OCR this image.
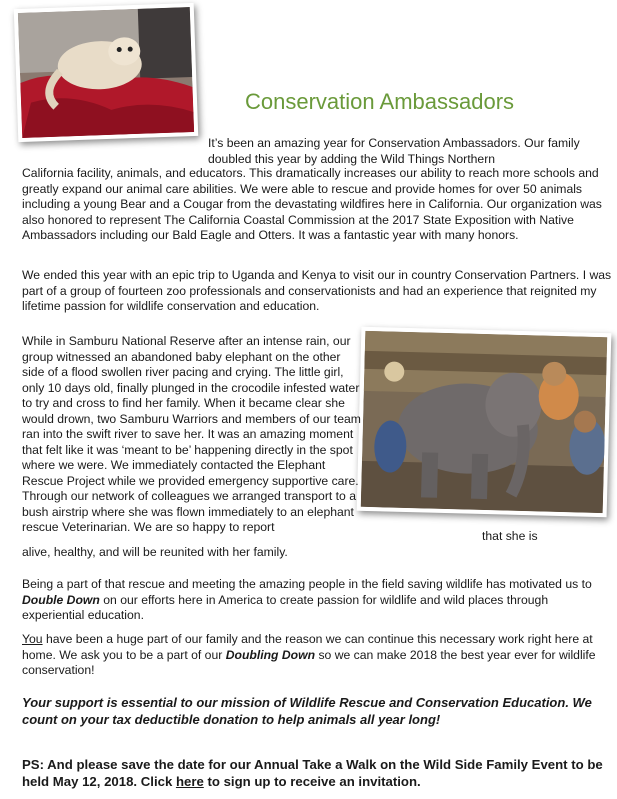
Conservation Ambassadors

It’s been an amazing year for Conservation Ambassadors. Our family doubled this year by adding the Wild Things Northern

California facility, animals, and educators. This dramatically increases our ability to reach more schools and greatly expand our animal care abilities. We were able to rescue and provide homes for over 50 animals including a young Bear and a Cougar from the devastating wildfires here in California. Our organization was also honored to represent The California Coastal Commission at the 2017 State Exposition with Native Ambassadors including our Bald Eagle and Otters. It was a fantastic year with many honors.

We ended this year with an epic trip to Uganda and Kenya to visit our in country Conservation Partners. I was part of a group of fourteen zoo professionals and conservationists and had an experience that reignited my lifetime passion for wildlife conservation and education.

While in Samburu National Reserve after an intense rain, our group witnessed an abandoned baby elephant on the other side of a flood swollen river pacing and crying. The little girl, only 10 days old, finally plunged in the crocodile infested water to try and cross to find her family. When it became clear she would drown, two Samburu Warriors and members of our team ran into the swift river to save her. It was an amazing moment that felt like it was ‘meant to be’ happening directly in the spot where we were. We immediately contacted the Elephant Rescue Project while we provided emergency supportive care. Through our network of colleagues we arranged transport to a bush airstrip where she was flown immediately to an elephant rescue Veterinarian. We are so happy to report

that she is

alive, healthy, and will be reunited with her family.

Being a part of that rescue and meeting the amazing people in the field saving wildlife has motivated us to Double Down on our efforts here in America to create passion for wildlife and wild places through experiential education.

You have been a huge part of our family and the reason we can continue this necessary work right here at home. We ask you to be a part of our Doubling Down so we can make 2018 the best year ever for wildlife conservation!

Your support is essential to our mission of Wildlife Rescue and Conservation Education. We count on your tax deductible donation to help animals all year long!

PS: And please save the date for our Annual Take a Walk on the Wild Side Family Event to be held May 12, 2018. Click here to sign up to receive an invitation.
